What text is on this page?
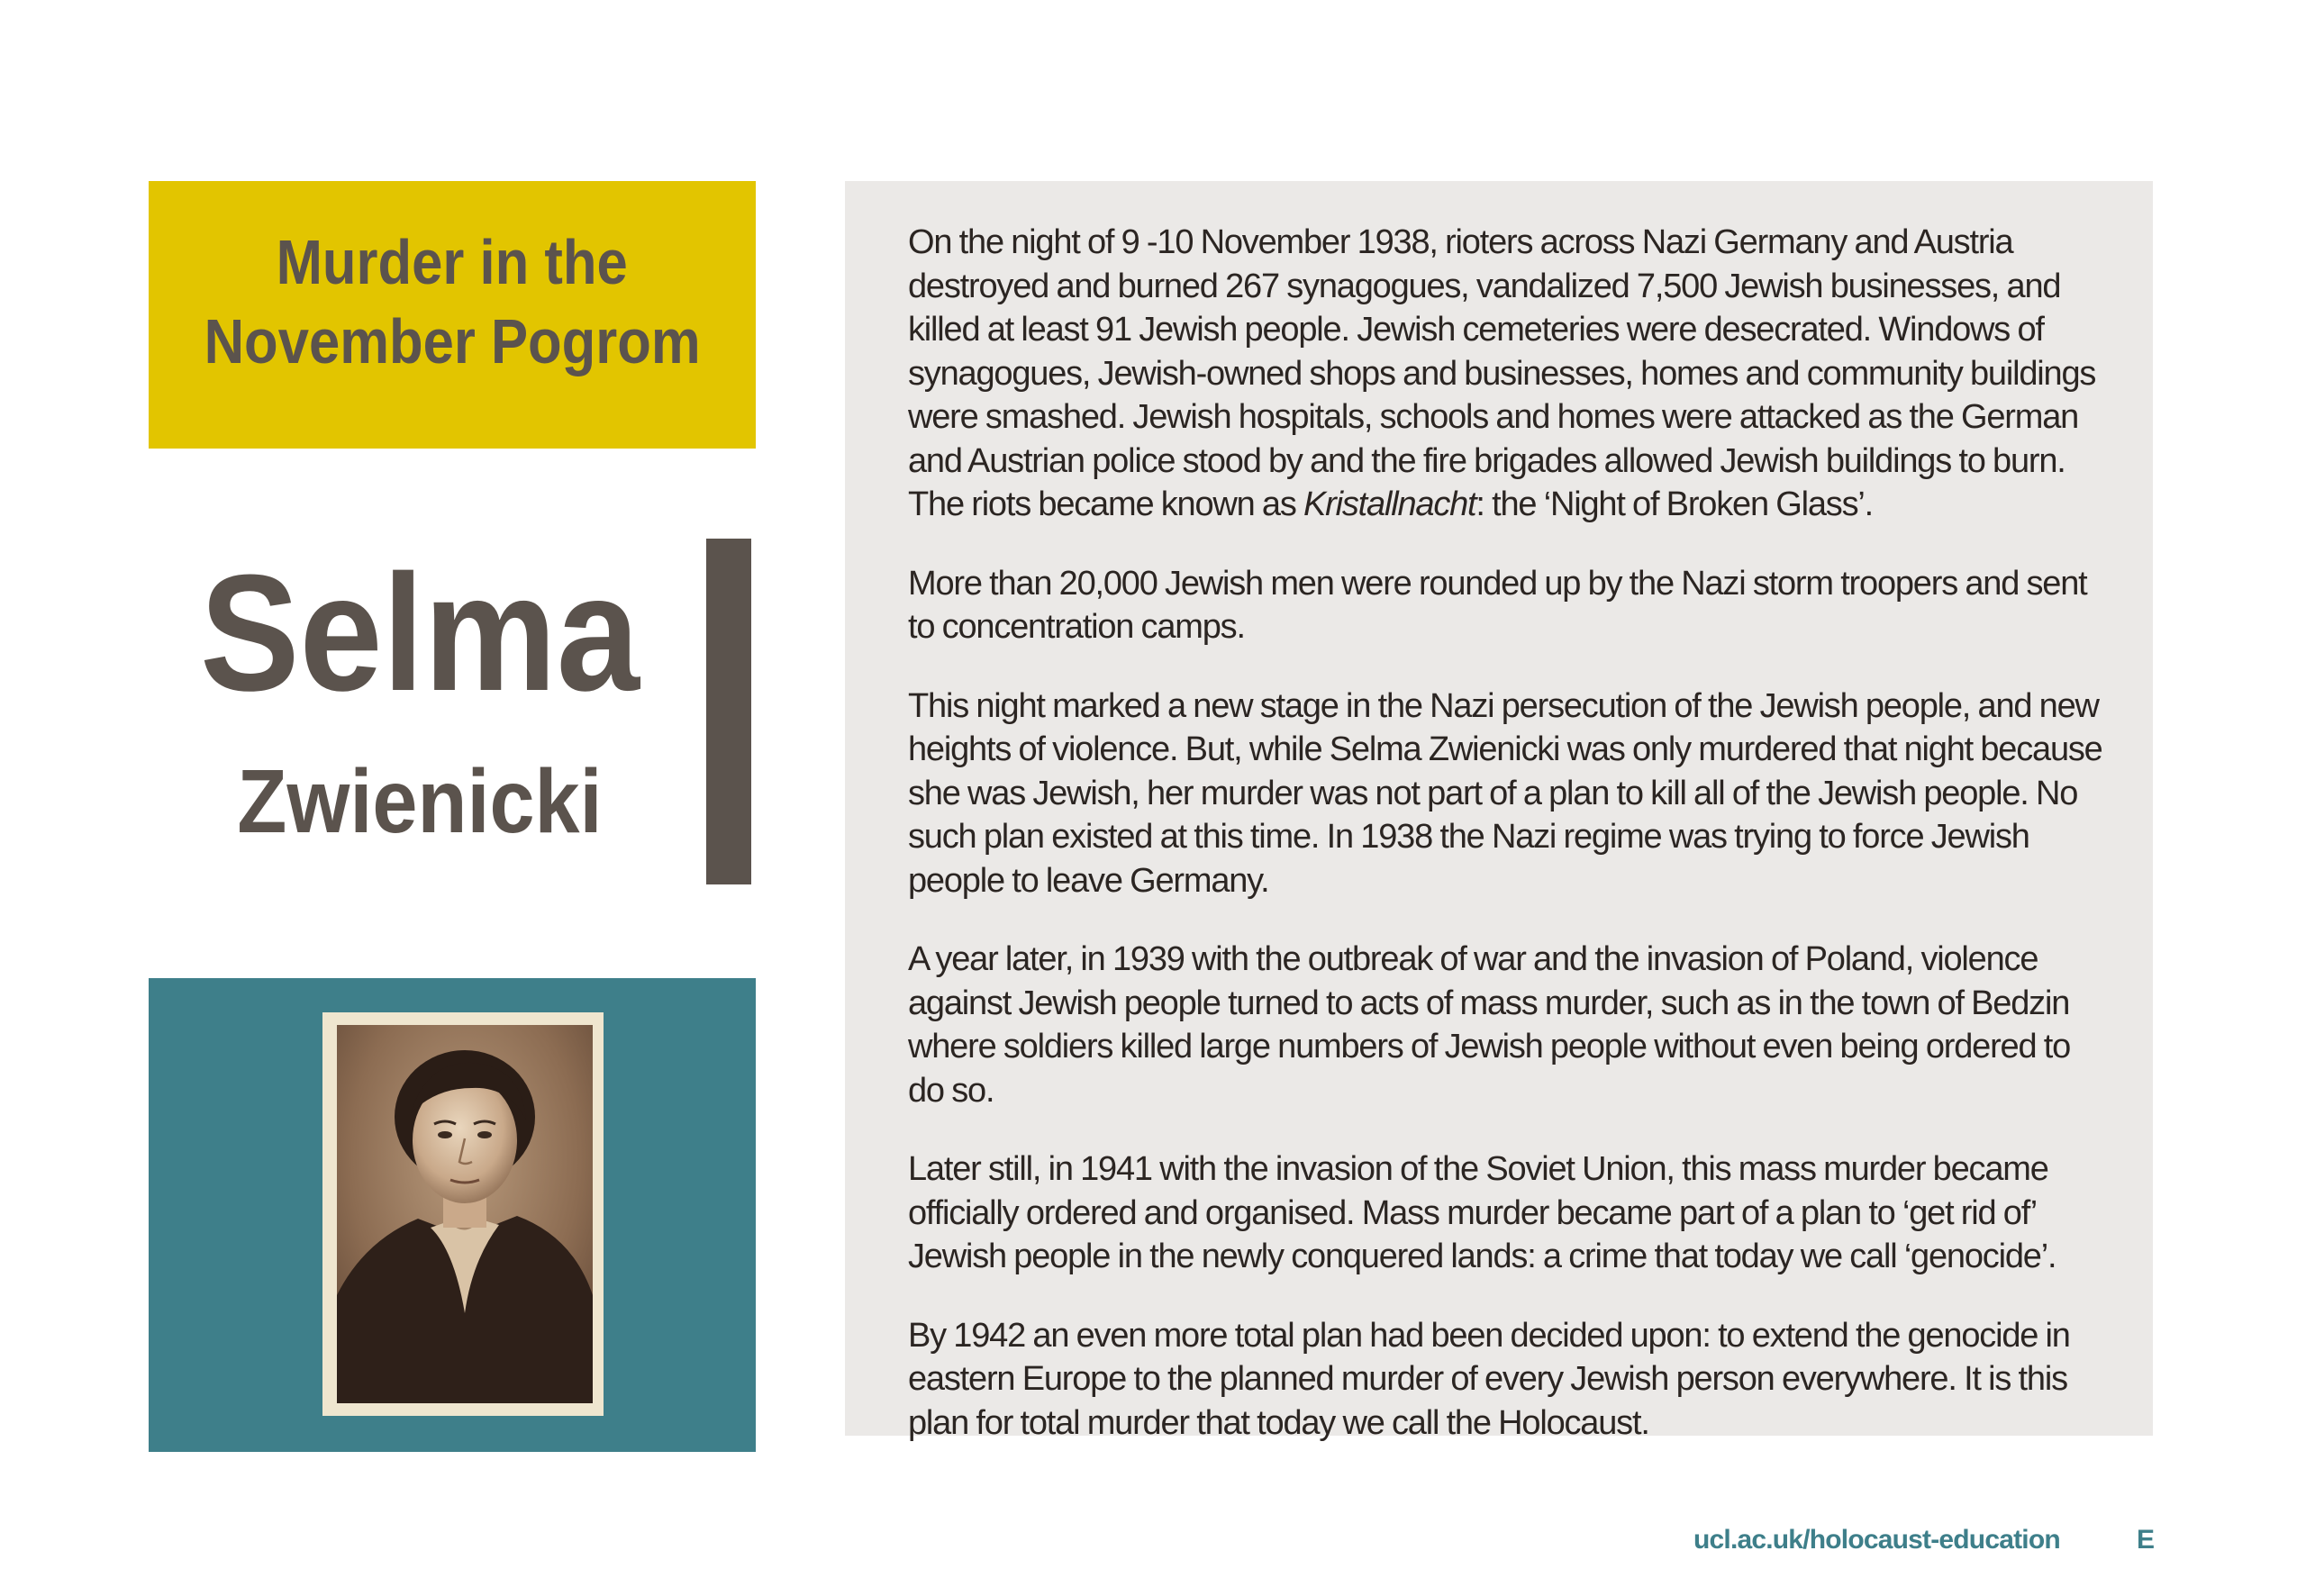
Murder in the
November Pogrom
Selma
Zwienicki

On the night of 9 -10 November 1938, rioters across Nazi Germany and Austria destroyed and burned 267 synagogues, vandalized 7,500 Jewish businesses, and killed at least 91 Jewish people. Jewish cemeteries were desecrated. Windows of synagogues, Jewish-owned shops and businesses, homes and community buildings were smashed. Jewish hospitals, schools and homes were attacked as the German and Austrian police stood by and the fire brigades allowed Jewish buildings to burn. The riots became known as Kristallnacht: the ‘Night of Broken Glass’.

More than 20,000 Jewish men were rounded up by the Nazi storm troopers and sent to concentration camps.

This night marked a new stage in the Nazi persecution of the Jewish people, and new heights of violence. But, while Selma Zwienicki was only murdered that night because she was Jewish, her murder was not part of a plan to kill all of the Jewish people. No such plan existed at this time. In 1938 the Nazi regime was trying to force Jewish people to leave Germany.

A year later, in 1939 with the outbreak of war and the invasion of Poland, violence against Jewish people turned to acts of mass murder, such as in the town of Bedzin where soldiers killed large numbers of Jewish people without even being ordered to do so.

Later still, in 1941 with the invasion of the Soviet Union, this mass murder became officially ordered and organised. Mass murder became part of a plan to ‘get rid of’ Jewish people in the newly conquered lands: a crime that today we call ‘genocide’.

By 1942 an even more total plan had been decided upon: to extend the genocide in eastern Europe to the planned murder of every Jewish person everywhere. It is this plan for total murder that today we call the Holocaust.

ucl.ac.uk/holocaust-education	E
